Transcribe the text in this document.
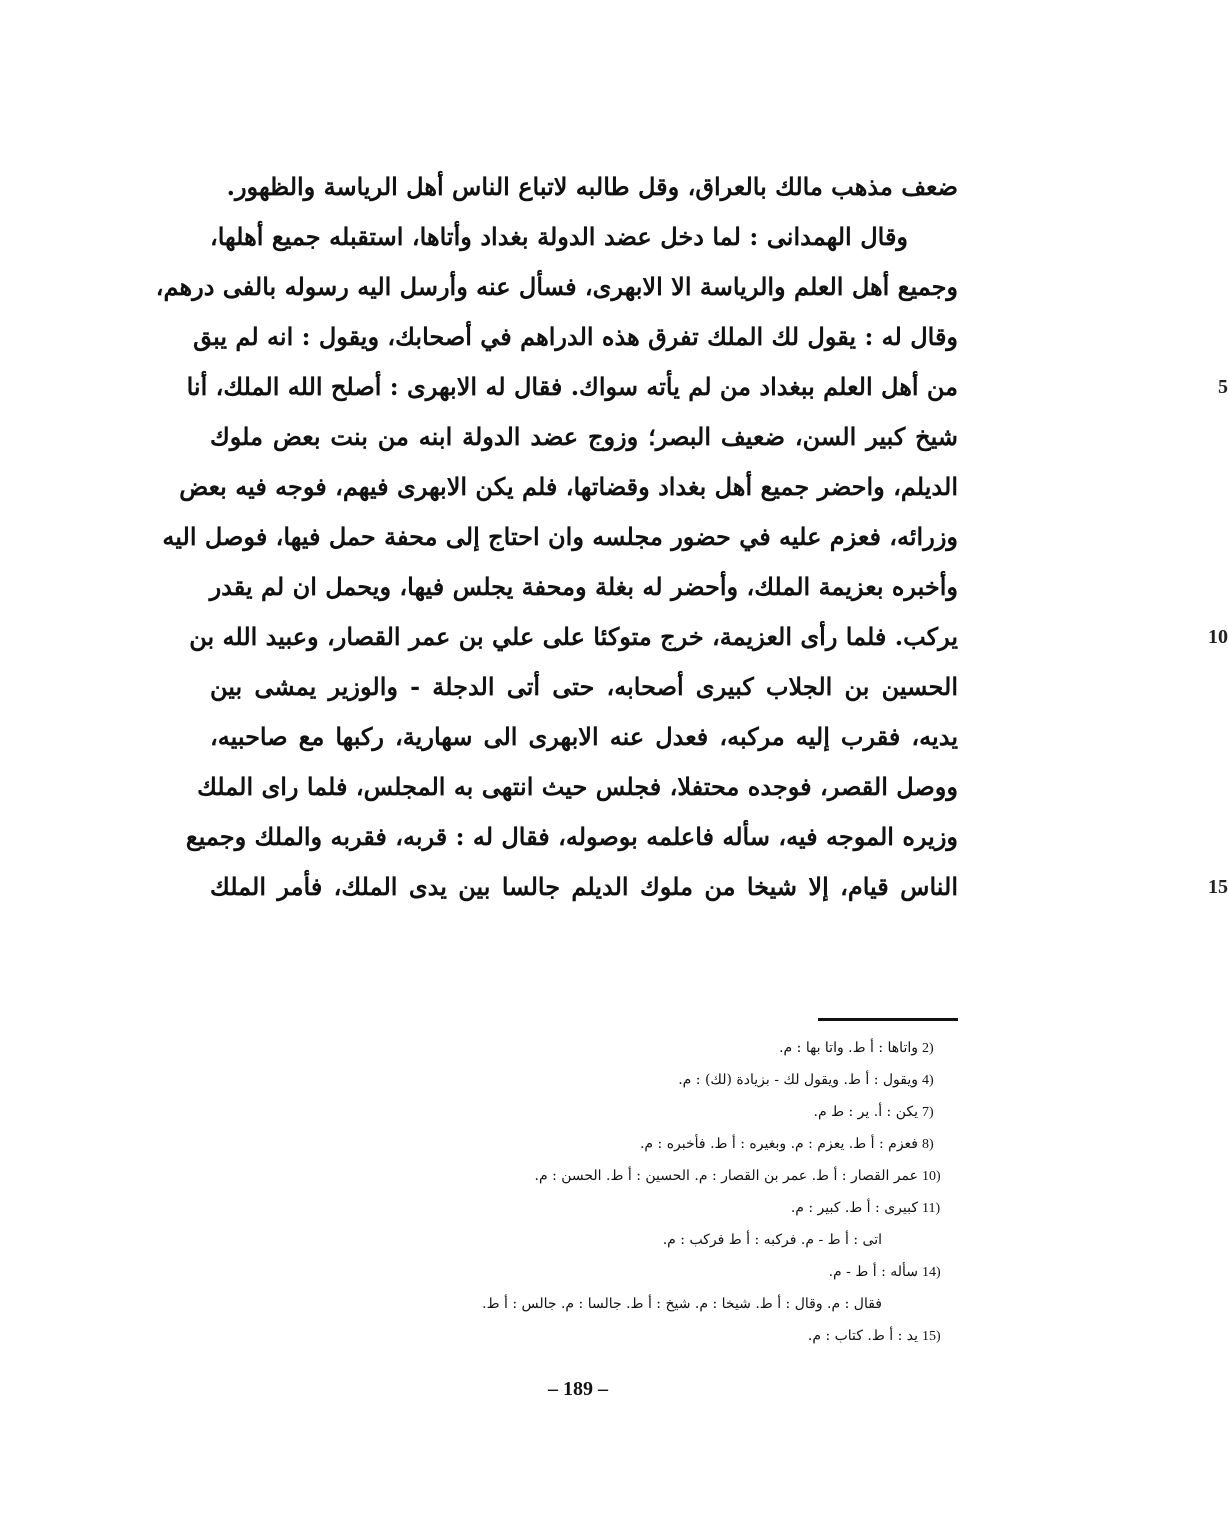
ضعف مذهب مالك بالعراق، وقل طالبه لاتباع الناس أهل الرياسة والظهور.
وقال الهمدانى : لما دخل عضد الدولة بغداد وأتاها، استقبله جميع أهلها،
وجميع أهل العلم والرياسة الا الابهرى، فسأل عنه وأرسل اليه رسوله بالفى درهم،
وقال له : يقول لك الملك تفرق هذه الدراهم في أصحابك، ويقول : انه لم يبق
من أهل العلم ببغداد من لم يأته سواك. فقال له الابهرى : أصلح الله الملك، أنا	5
شيخ كبير السن، ضعيف البصر؛ وزوج عضد الدولة ابنه من بنت بعض ملوك
الديلم، واحضر جميع أهل بغداد وقضاتها، فلم يكن الابهرى فيهم، فوجه فيه بعض
وزرائه، فعزم عليه في حضور مجلسه وان احتاج إلى محفة حمل فيها، فوصل اليه
وأخبره بعزيمة الملك، وأحضر له بغلة ومحفة يجلس فيها، ويحمل ان لم يقدر
يركب. فلما رأى العزيمة، خرج متوكئا على علي بن عمر القصار، وعبيد الله بن	10
الحسين بن الجلاب كبيرى أصحابه، حتى أتى الدجلة - والوزير يمشى بين
يديه، فقرب إليه مركبه، فعدل عنه الابهرى الى سهارية، ركبها مع صاحبيه،
ووصل القصر، فوجده محتفلا، فجلس حيث انتهى به المجلس، فلما راى الملك
وزيره الموجه فيه، سأله فاعلمه بوصوله، فقال له : قربه، فقربه والملك وجميع
الناس قيام، إلا شيخا من ملوك الديلم جالسا بين يدى الملك، فأمر الملك	15
2)واتاها : أ ط. واتا بها : م.
4)ويقول : أ ط. ويقول لك - بزيادة (لك) : م.
7)يكن : أ. ير : ط م.
8)فعزم : أ ط. يعزم : م. وبغيره : أ ط. فأخبره : م.
10)عمر القصار : أ ط. عمر بن القصار : م. الحسين : أ ط. الحسن : م.
11)كبيرى : أ ط. كبير : م.
اتى : أ ط - م. فركبه : أ ط فركب : م.
14)سأله : أ ط - م.
فقال : م. وقال : أ ط. شيخا : م. شيخ : أ ط. جالسا : م. جالس : أ ط.
15)يد : أ ط. كتاب : م.
– 189 –
